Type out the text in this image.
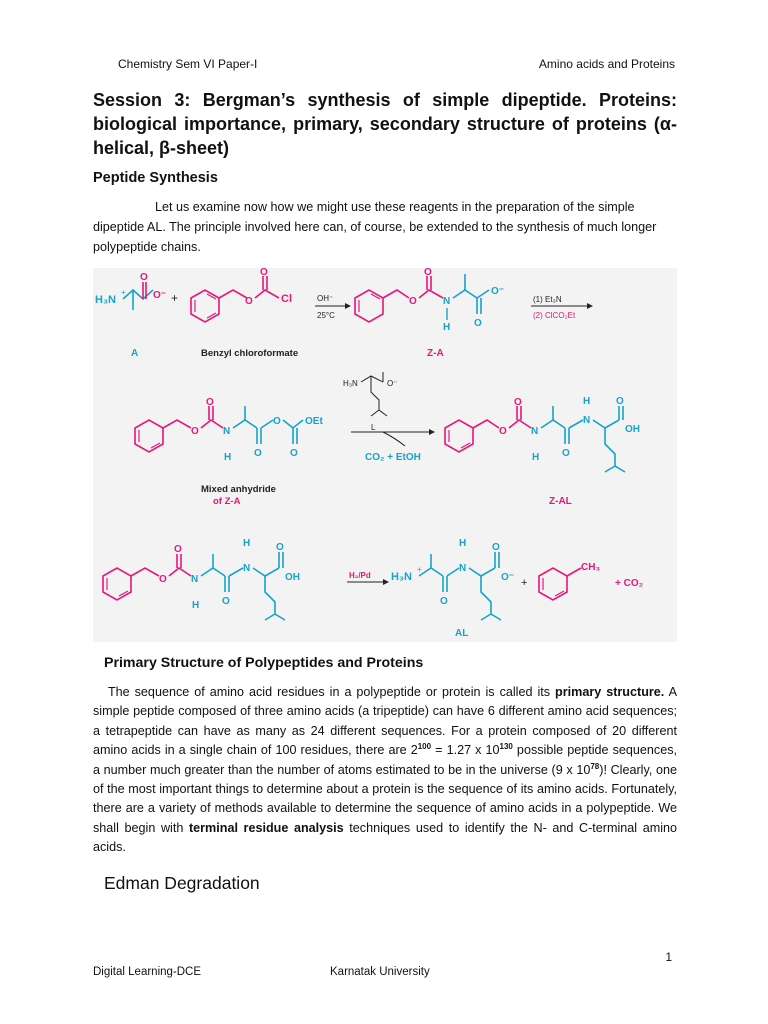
Chemistry Sem VI Paper-I	Amino acids and Proteins
Session 3: Bergman’s synthesis of simple dipeptide. Proteins: biological importance, primary, secondary structure of proteins (α-helical, β-sheet)
Peptide Synthesis

Let us examine now how we might use these reagents in the preparation of the simple dipeptide AL. The principle involved here can, of course, be extended to the synthesis of much longer polypeptide chains.

H₃N
+
O
O⁻ +	O
O
Cl	OH⁻
25°C
O
O
N
H O
O⁻
(1) Et₃N
(2) ClCO₂Et
A	Benzyl chloroformate	Z-A
O
O
N
H O
O
O
OEt
H₃N	O⁻
L
CO₂ + EtOH
O
O
N
H O
N
H	O
OH
Mixed anhydride
of Z-A	Z-AL
O
O
N
H O
N
H	O
OH	H₂/Pd H₃N
+
O
N
H	O
O⁻ +
CH₃
+ CO₂
AL
Primary Structure of Polypeptides and Proteins

The sequence of amino acid residues in a polypeptide or protein is called its primary structure. A simple peptide composed of three amino acids (a tripeptide) can have 6 different amino acid sequences; a tetrapeptide can have as many as 24 different sequences. For a protein composed of 20 different amino acids in a single chain of 100 residues, there are $2^{100} = 1.27$ x $10^{130}$ possible peptide sequences, a number much greater than the number of atoms estimated to be in the universe (9 x $10^{78}$)! Clearly, one of the most important things to determine about a protein is the sequence of its amino acids. Fortunately, there are a variety of methods available to determine the sequence of amino acids in a polypeptide. We shall begin with terminal residue analysis techniques used to identify the N- and C-terminal amino acids.

Edman Degradation
1
Digital Learning-DCE	Karnatak University
